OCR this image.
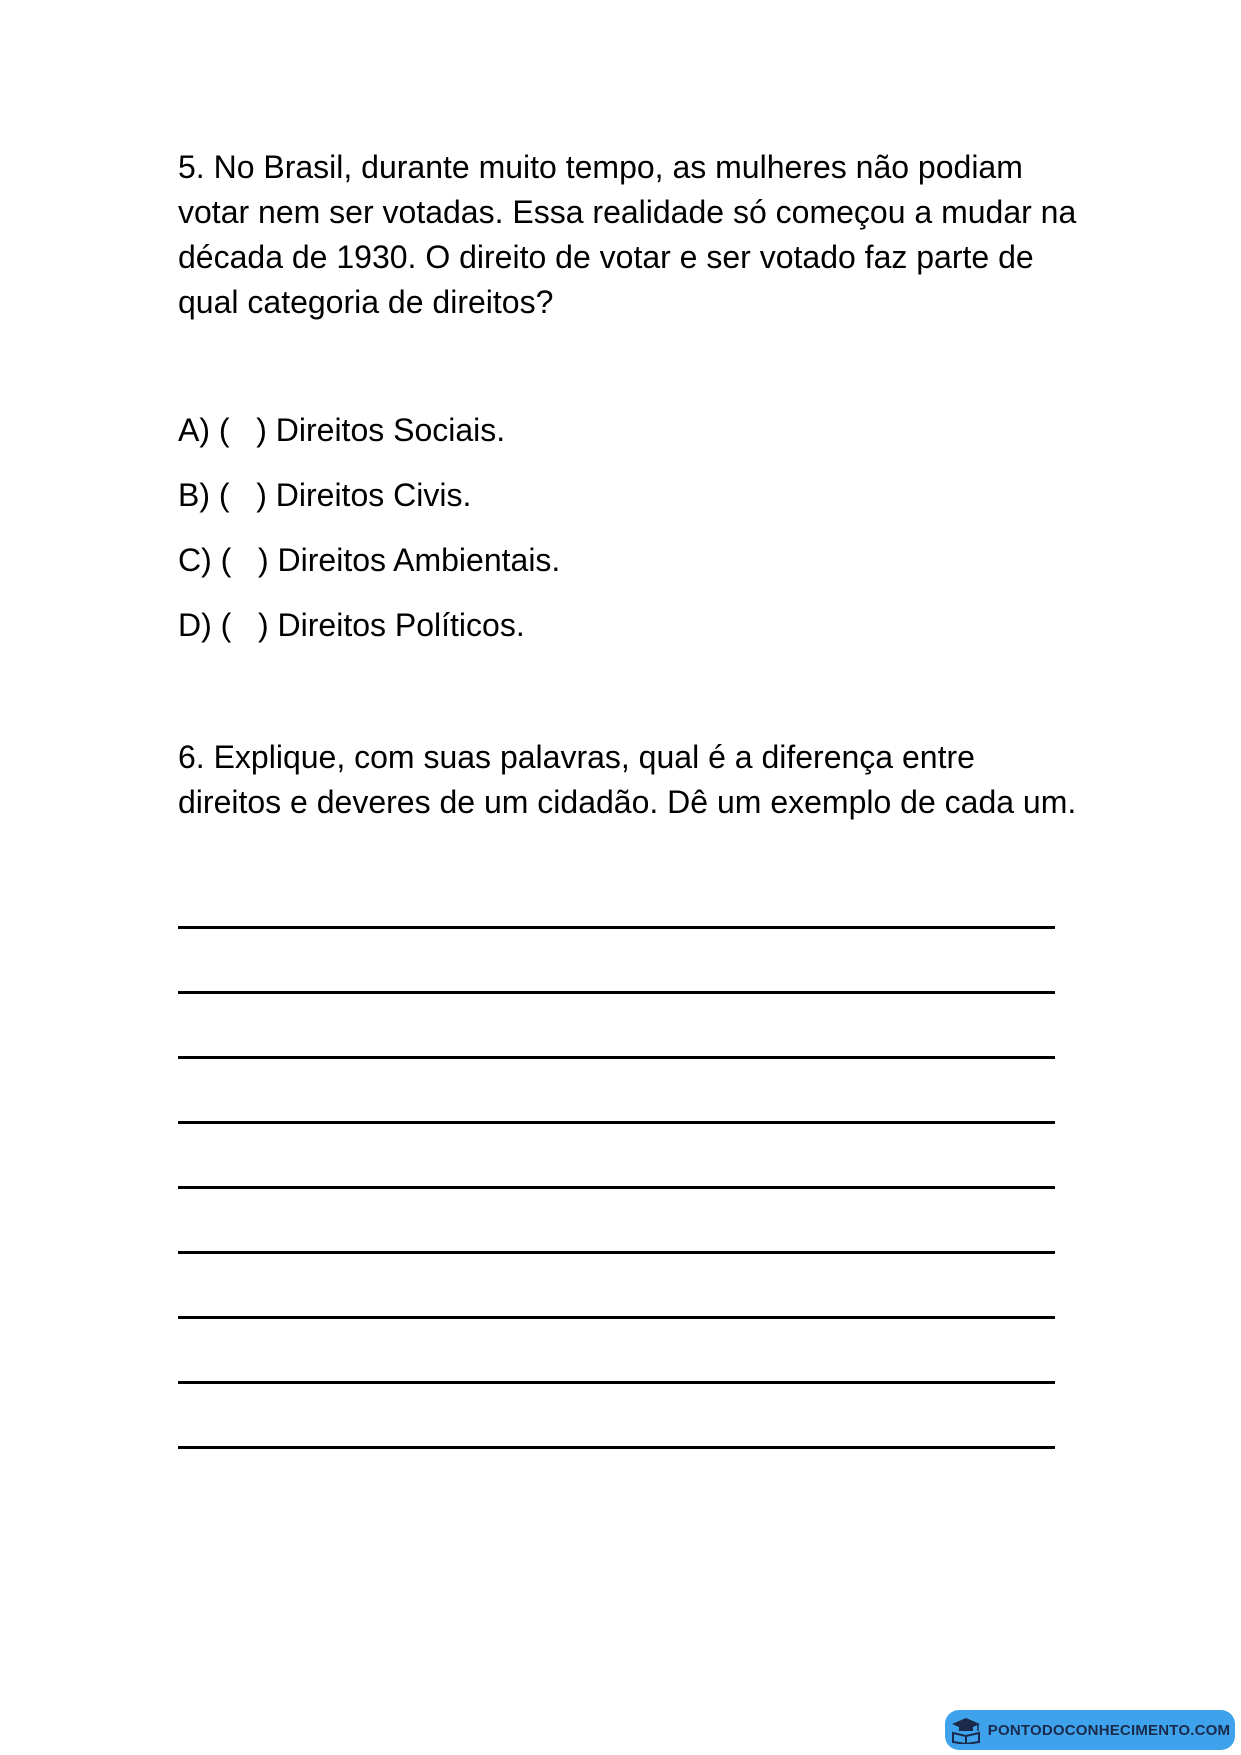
5. No Brasil, durante muito tempo, as mulheres não podiam votar nem ser votadas. Essa realidade só começou a mudar na década de 1930. O direito de votar e ser votado faz parte de qual categoria de direitos?

A) (   ) Direitos Sociais.
B) (   ) Direitos Civis.
C) (   ) Direitos Ambientais.
D) (   ) Direitos Políticos.

6. Explique, com suas palavras, qual é a diferença entre direitos e deveres de um cidadão. Dê um exemplo de cada um.

PONTODOCONHECIMENTO.COM
